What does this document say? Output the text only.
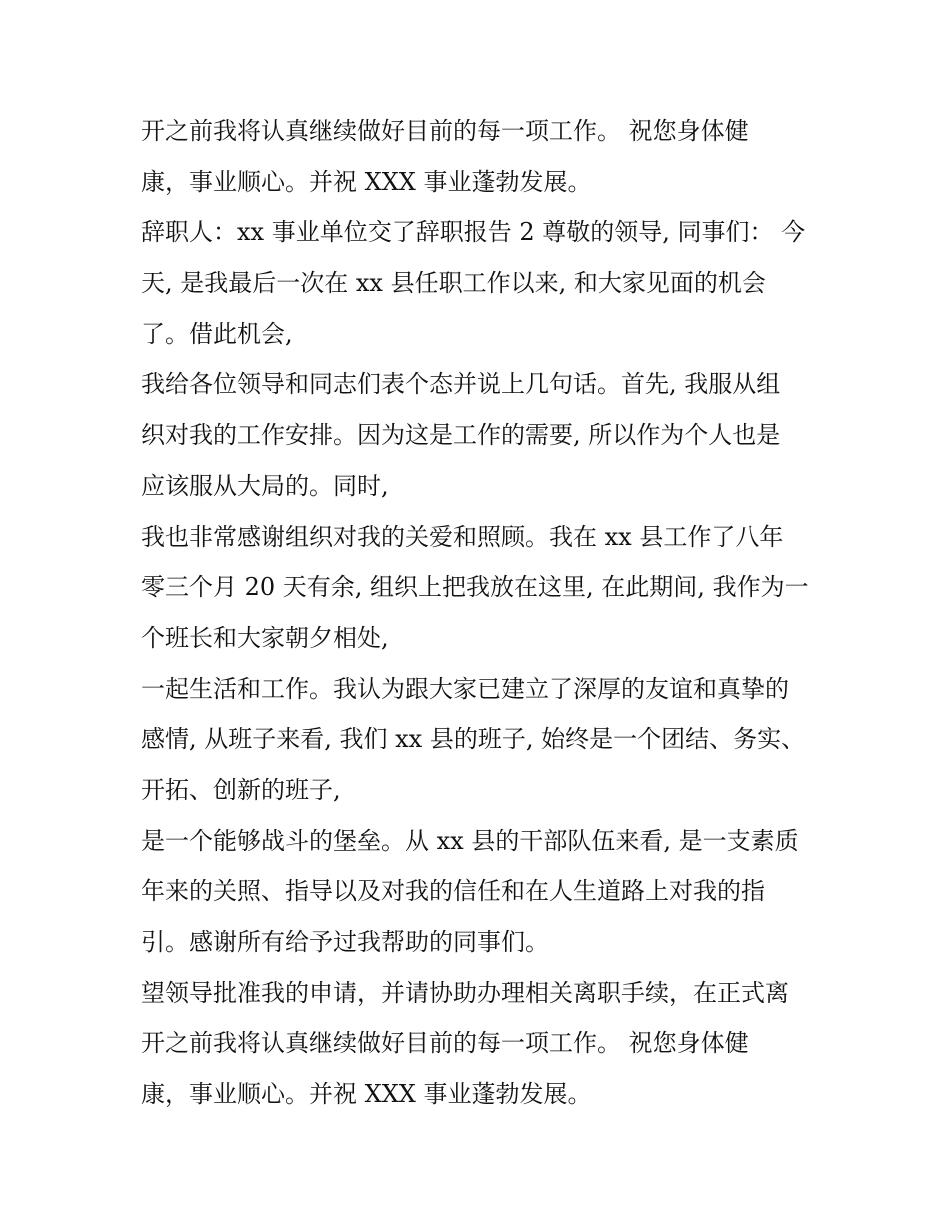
开之前我将认真继续做好目前的每一项工作。 祝您身体健
康，事业顺心。并祝 XXX 事业蓬勃发展。
辞职人：xx 事业单位交了辞职报告 2 尊敬的领导, 同事们： 今
天, 是我最后一次在 xx 县任职工作以来, 和大家见面的机会
了。借此机会,
我给各位领导和同志们表个态并说上几句话。首先, 我服从组
织对我的工作安排。因为这是工作的需要, 所以作为个人也是
应该服从大局的。同时,
我也非常感谢组织对我的关爱和照顾。我在 xx 县工作了八年
零三个月 20 天有余, 组织上把我放在这里, 在此期间, 我作为一
个班长和大家朝夕相处,
一起生活和工作。我认为跟大家已建立了深厚的友谊和真挚的
感情, 从班子来看, 我们 xx 县的班子, 始终是一个团结、务实、
开拓、创新的班子,
是一个能够战斗的堡垒。从 xx 县的干部队伍来看, 是一支素质
年来的关照、指导以及对我的信任和在人生道路上对我的指
引。感谢所有给予过我帮助的同事们。
望领导批准我的申请，并请协助办理相关离职手续，在正式离
开之前我将认真继续做好目前的每一项工作。 祝您身体健
康，事业顺心。并祝 XXX 事业蓬勃发展。
